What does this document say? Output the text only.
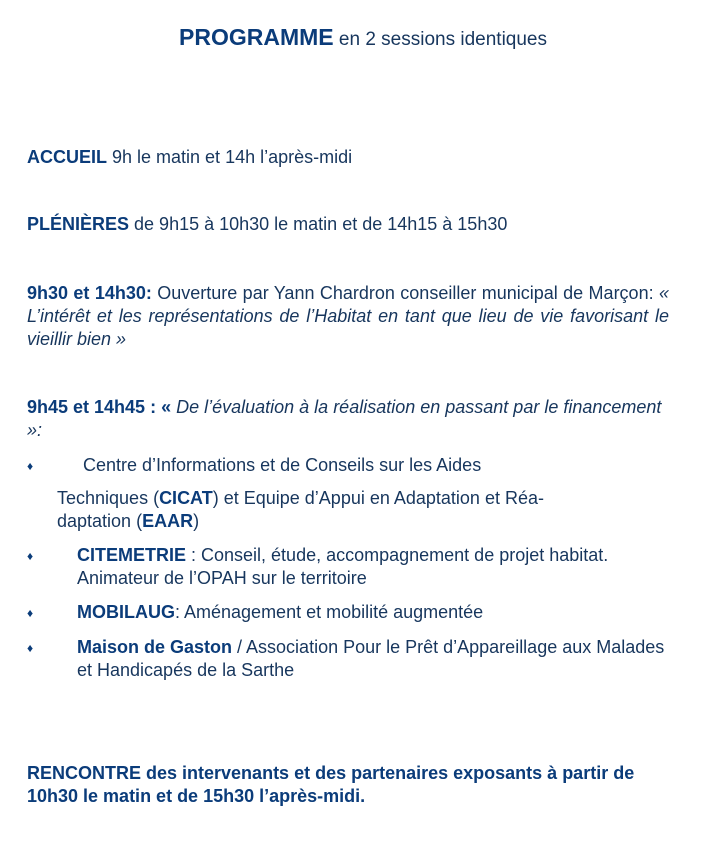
PROGRAMME en 2 sessions identiques
ACCUEIL 9h le matin et 14h l’après-midi
PLÉNIÈRES de 9h15 à 10h30 le matin et de 14h15 à 15h30
9h30 et 14h30: Ouverture par Yann Chardron conseiller municipal de Marçon: « L’intérêt et les représentations de l’Habitat en tant que lieu de vie favorisant le vieillir bien »
9h45 et 14h45 : « De l’évaluation à la réalisation en passant par le financement »:
♦	Centre d’Informations et de Conseils sur les Aides
Techniques (CICAT) et Equipe d’Appui en Adaptation et Réa-
daptation (EAAR)
♦ CITEMETRIE : Conseil, étude, accompagnement de projet habitat. Animateur de l’OPAH sur le territoire
♦ MOBILAUG: Aménagement et mobilité augmentée
♦ Maison de Gaston / Association Pour le Prêt d’Appareillage aux Malades et Handicapés de la Sarthe
RENCONTRE des intervenants et des partenaires exposants à partir de 10h30 le matin et de 15h30 l’après-midi.
